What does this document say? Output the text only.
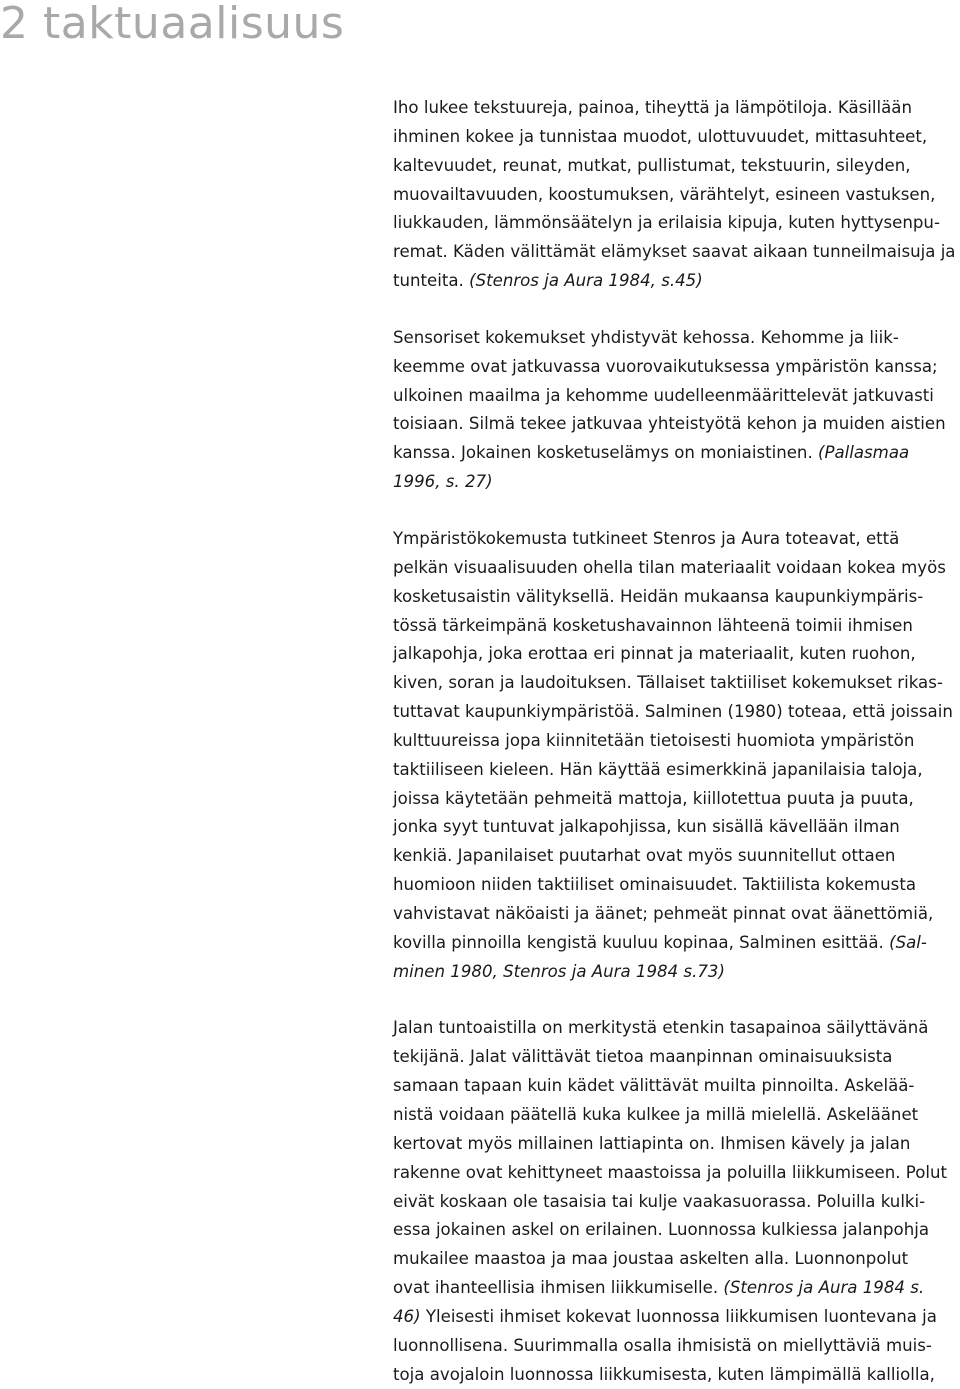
2 taktuaalisuus
Iho lukee tekstuureja, painoa, tiheyttä ja lämpötiloja. Käsillään
ihminen kokee ja tunnistaa muodot, ulottuvuudet, mittasuhteet,
kaltevuudet, reunat, mutkat, pullistumat, tekstuurin, sileyden,
muovailtavuuden, koostumuksen, värähtelyt, esineen vastuksen,
liukkauden, lämmönsäätelyn ja erilaisia kipuja, kuten hyttysenpu-
remat. Käden välittämät elämykset saavat aikaan tunneilmaisuja ja
tunteita. (Stenros ja Aura 1984, s.45)
Sensoriset kokemukset yhdistyvät kehossa. Kehomme ja liik-
keemme ovat jatkuvassa vuorovaikutuksessa ympäristön kanssa;
ulkoinen maailma ja kehomme uudelleenmäärittelevät jatkuvasti
toisiaan. Silmä tekee jatkuvaa yhteistyötä kehon ja muiden aistien
kanssa. Jokainen kosketuselämys on moniaistinen. (Pallasmaa
1996, s. 27)
Ympäristökokemusta tutkineet Stenros ja Aura toteavat, että
pelkän visuaalisuuden ohella tilan materiaalit voidaan kokea myös
kosketusaistin välityksellä. Heidän mukaansa kaupunkiympäris-
tössä tärkeimpänä kosketushavainnon lähteenä toimii ihmisen
jalkapohja, joka erottaa eri pinnat ja materiaalit, kuten ruohon,
kiven, soran ja laudoituksen. Tällaiset taktiiliset kokemukset rikas-
tuttavat kaupunkiympäristöä. Salminen (1980) toteaa, että joissain
kulttuureissa jopa kiinnitetään tietoisesti huomiota ympäristön
taktiiliseen kieleen. Hän käyttää esimerkkinä japanilaisia taloja,
joissa käytetään pehmeitä mattoja, kiillotettua puuta ja puuta,
jonka syyt tuntuvat jalkapohjissa, kun sisällä kävellään ilman
kenkiä. Japanilaiset puutarhat ovat myös suunnitellut ottaen
huomioon niiden taktiiliset ominaisuudet. Taktiilista kokemusta
vahvistavat näköaisti ja äänet; pehmeät pinnat ovat äänettömiä,
kovilla pinnoilla kengistä kuuluu kopinaa, Salminen esittää. (Sal-
minen 1980, Stenros ja Aura 1984 s.73)
Jalan tuntoaistilla on merkitystä etenkin tasapainoa säilyttävänä
tekijänä. Jalat välittävät tietoa maanpinnan ominaisuuksista
samaan tapaan kuin kädet välittävät muilta pinnoilta. Askelää-
nistä voidaan päätellä kuka kulkee ja millä mielellä. Askeläänet
kertovat myös millainen lattiapinta on. Ihmisen kävely ja jalan
rakenne ovat kehittyneet maastoissa ja poluilla liikkumiseen. Polut
eivät koskaan ole tasaisia tai kulje vaakasuorassa. Poluilla kulki-
essa jokainen askel on erilainen. Luonnossa kulkiessa jalanpohja
mukailee maastoa ja maa joustaa askelten alla. Luonnonpolut
ovat ihanteellisia ihmisen liikkumiselle. (Stenros ja Aura 1984 s.
46) Yleisesti ihmiset kokevat luonnossa liikkumisen luontevana ja
luonnollisena. Suurimmalla osalla ihmisistä on miellyttäviä muis-
toja avojaloin luonnossa liikkumisesta, kuten lämpimällä kalliolla,
